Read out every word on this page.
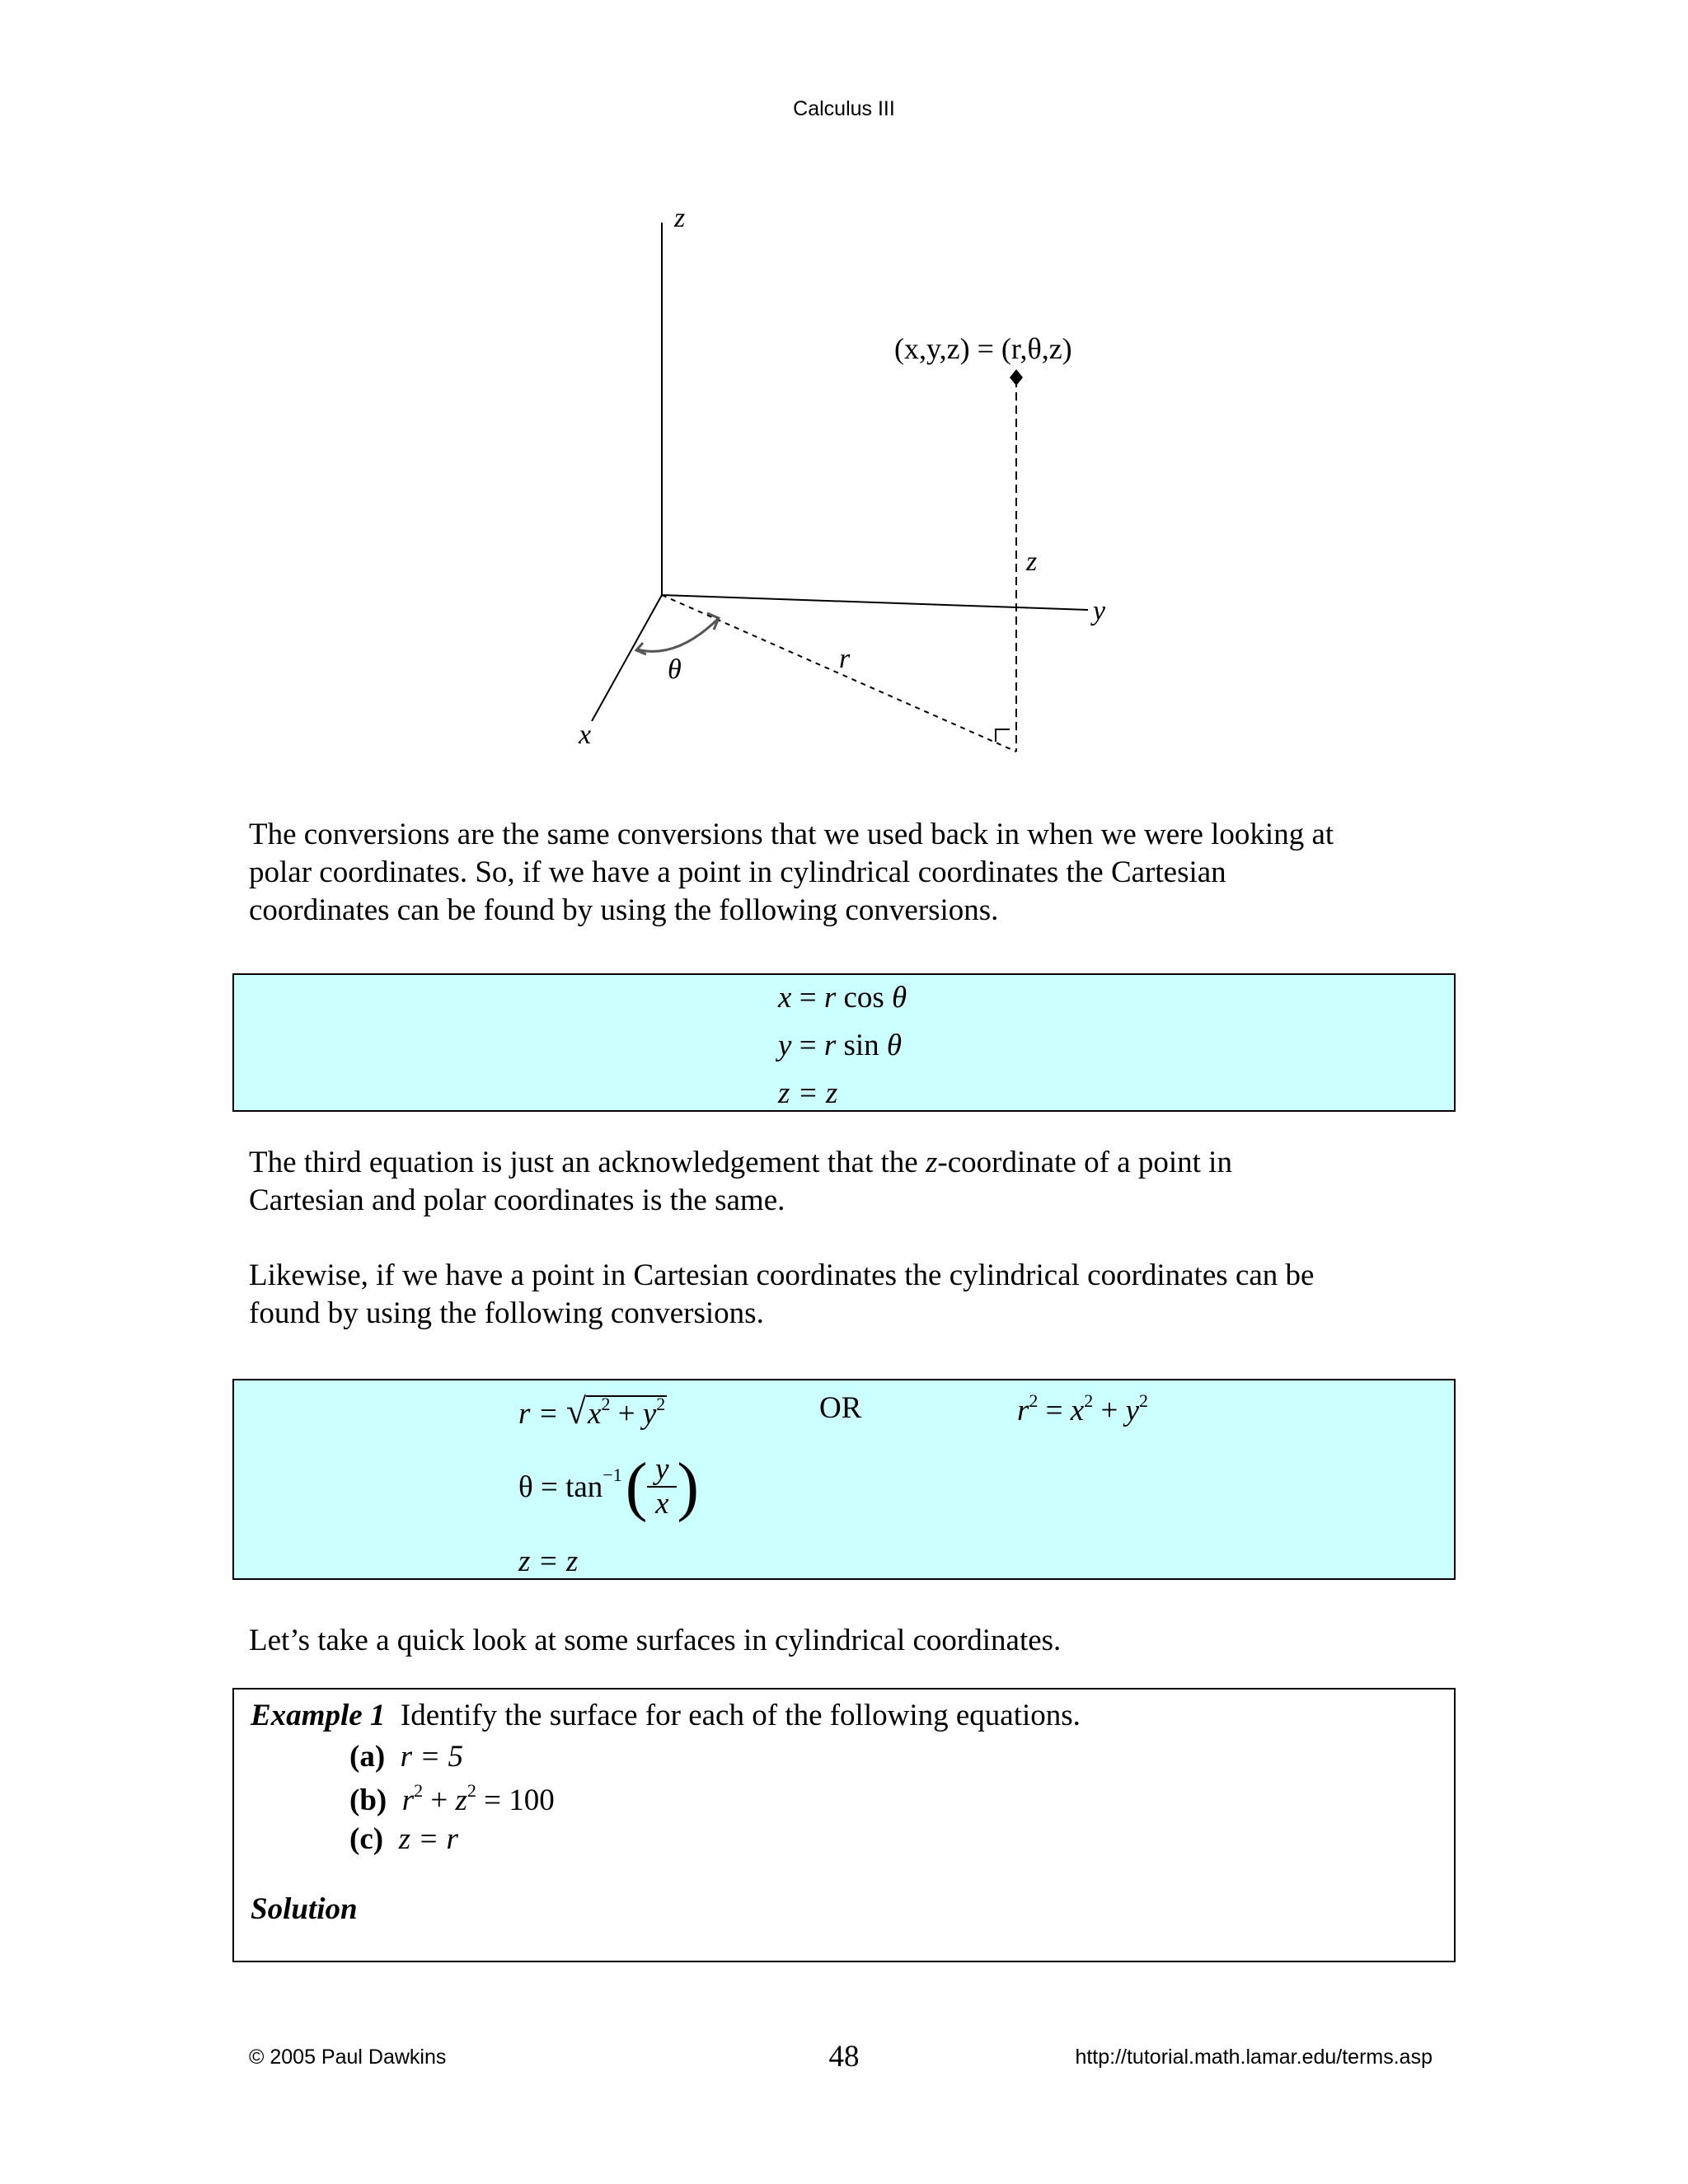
Calculus III
z
y
x
r
z
(x,y,z) = (r,θ,z)
θ
The conversions are the same conversions that we used back in when we were looking at
polar coordinates. So, if we have a point in cylindrical coordinates the Cartesian
coordinates can be found by using the following conversions.
x = r cos θ
y = r sin θ
z = z
The third equation is just an acknowledgement that the z-coordinate of a point in
Cartesian and polar coordinates is the same.
Likewise, if we have a point in Cartesian coordinates the cylindrical coordinates can be
found by using the following conversions.
$r = √x^2 + y^2$	OR	$r^2 = x^2 + y^2$
θ = tan −1 ( y
x )
z = z
Let’s take a quick look at some surfaces in cylindrical coordinates.
Example 1 Identify the surface for each of the following equations.
(a) r = 5
(b) $r^2 + z^2 = 100$
(c) z = r
Solution
© 2005 Paul Dawkins	48	http://tutorial.math.lamar.edu/terms.asp
